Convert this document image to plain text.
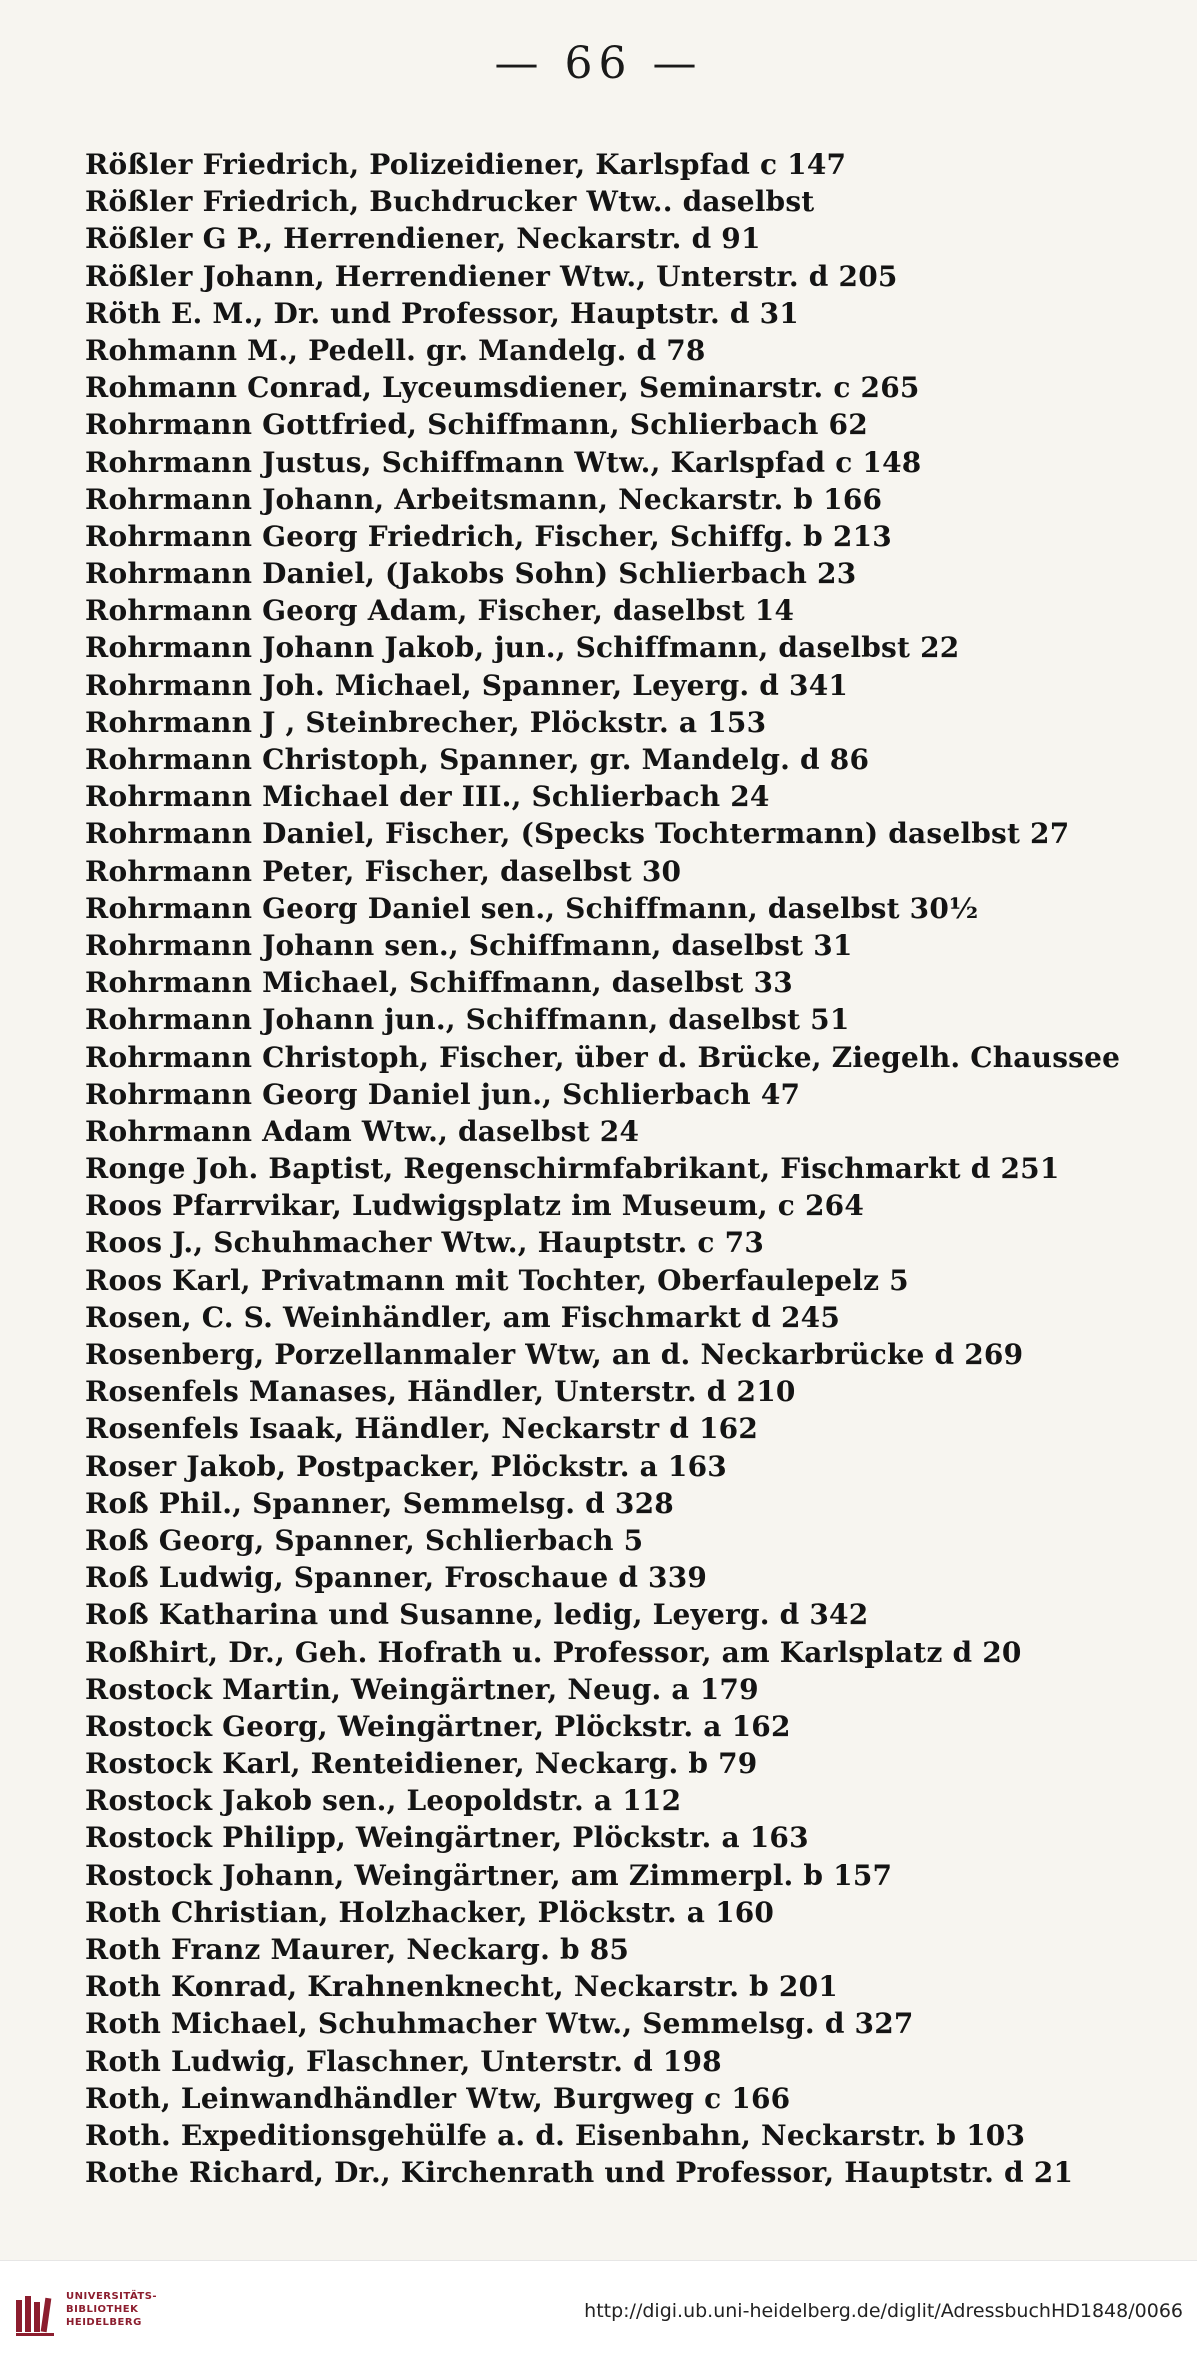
— 66 —
Rößler Friedrich, Polizeidiener, Karlspfad c 147
Rößler Friedrich, Buchdrucker Wtw.. daselbst
Rößler G P., Herrendiener, Neckarstr. d 91
Rößler Johann, Herrendiener Wtw., Unterstr. d 205
Röth E. M., Dr. und Professor, Hauptstr. d 31
Rohmann M., Pedell. gr. Mandelg. d 78
Rohmann Conrad, Lyceumsdiener, Seminarstr. c 265
Rohrmann Gottfried, Schiffmann, Schlierbach 62
Rohrmann Justus, Schiffmann Wtw., Karlspfad c 148
Rohrmann Johann, Arbeitsmann, Neckarstr. b 166
Rohrmann Georg Friedrich, Fischer, Schiffg. b 213
Rohrmann Daniel, (Jakobs Sohn) Schlierbach 23
Rohrmann Georg Adam, Fischer, daselbst 14
Rohrmann Johann Jakob, jun., Schiffmann, daselbst 22
Rohrmann Joh. Michael, Spanner, Leyerg. d 341
Rohrmann J , Steinbrecher, Plöckstr. a 153
Rohrmann Christoph, Spanner, gr. Mandelg. d 86
Rohrmann Michael der III., Schlierbach 24
Rohrmann Daniel, Fischer, (Specks Tochtermann) daselbst 27
Rohrmann Peter, Fischer, daselbst 30
Rohrmann Georg Daniel sen., Schiffmann, daselbst 30½
Rohrmann Johann sen., Schiffmann, daselbst 31
Rohrmann Michael, Schiffmann, daselbst 33
Rohrmann Johann jun., Schiffmann, daselbst 51
Rohrmann Christoph, Fischer, über d. Brücke, Ziegelh. Chaussee
Rohrmann Georg Daniel jun., Schlierbach 47
Rohrmann Adam Wtw., daselbst 24
Ronge Joh. Baptist, Regenschirmfabrikant, Fischmarkt d 251
Roos Pfarrvikar, Ludwigsplatz im Museum, c 264
Roos J., Schuhmacher Wtw., Hauptstr. c 73
Roos Karl, Privatmann mit Tochter, Oberfaulepelz 5
Rosen, C. S. Weinhändler, am Fischmarkt d 245
Rosenberg, Porzellanmaler Wtw, an d. Neckarbrücke d 269
Rosenfels Manases, Händler, Unterstr. d 210
Rosenfels Isaak, Händler, Neckarstr d 162
Roser Jakob, Postpacker, Plöckstr. a 163
Roß Phil., Spanner, Semmelsg. d 328
Roß Georg, Spanner, Schlierbach 5
Roß Ludwig, Spanner, Froschaue d 339
Roß Katharina und Susanne, ledig, Leyerg. d 342
Roßhirt, Dr., Geh. Hofrath u. Professor, am Karlsplatz d 20
Rostock Martin, Weingärtner, Neug. a 179
Rostock Georg, Weingärtner, Plöckstr. a 162
Rostock Karl, Renteidiener, Neckarg. b 79
Rostock Jakob sen., Leopoldstr. a 112
Rostock Philipp, Weingärtner, Plöckstr. a 163
Rostock Johann, Weingärtner, am Zimmerpl. b 157
Roth Christian, Holzhacker, Plöckstr. a 160
Roth Franz Maurer, Neckarg. b 85
Roth Konrad, Krahnenknecht, Neckarstr. b 201
Roth Michael, Schuhmacher Wtw., Semmelsg. d 327
Roth Ludwig, Flaschner, Unterstr. d 198
Roth, Leinwandhändler Wtw, Burgweg c 166
Roth. Expeditionsgehülfe a. d. Eisenbahn, Neckarstr. b 103
Rothe Richard, Dr., Kirchenrath und Professor, Hauptstr. d 21
UNIVERSITÄTS-
BIBLIOTHEK
HEIDELBERG
http://digi.ub.uni-heidelberg.de/diglit/AdressbuchHD1848/0066
